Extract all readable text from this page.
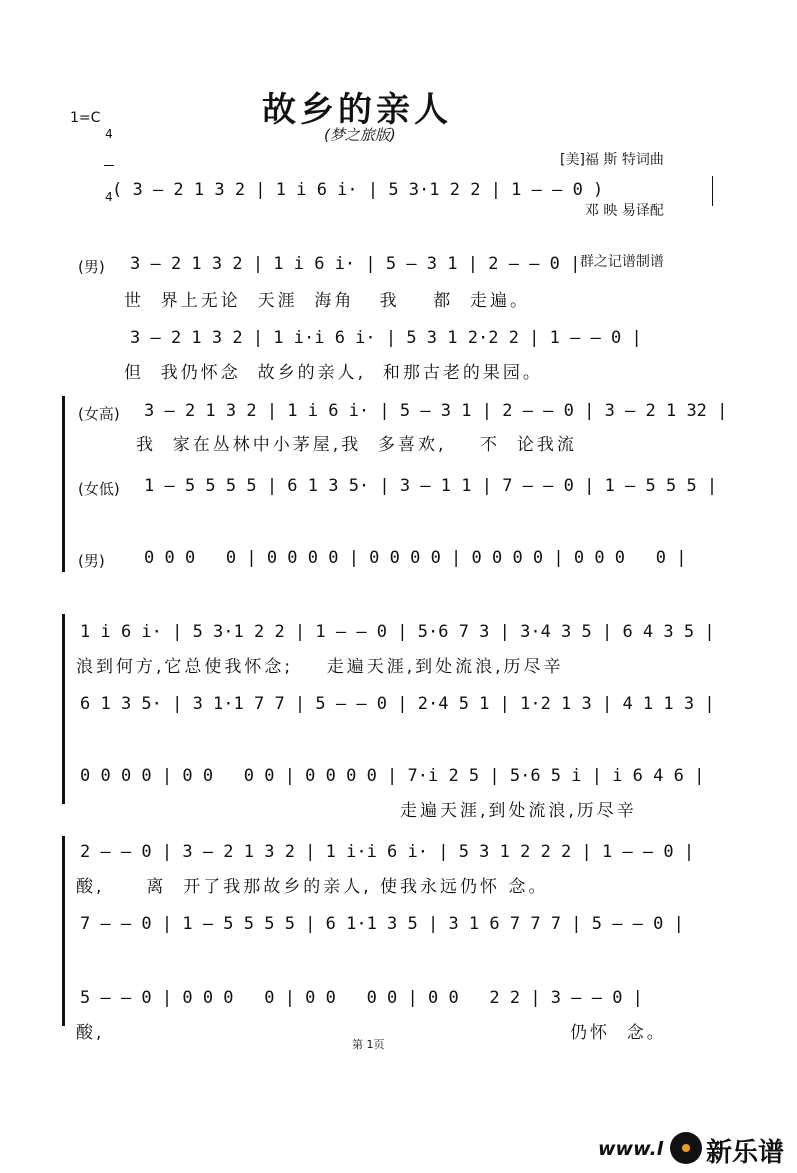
1=C

4

4

故乡的亲人
(梦之旅版)

[美]福 斯 特词曲

邓 映 易译配

群之记谱制谱

( 3 – 2 1 3 2 | 1 i 6 i· | 5 3·1 2 2 | 1 – – 0 )
(男) 3 – 2 1 3 2 | 1 i 6 i· | 5 – 3 1 | 2 – – 0 |
世  界上无论  天涯  海角   我    都  走遍。
3 – 2 1 3 2 | 1 i·i 6 i· | 5 3 1 2·2 2 | 1 – – 0 |
但  我仍怀念  故乡的亲人,  和那古老的果园。
(女高) 3 – 2 1 3 2 | 1 i 6 i· | 5 – 3 1 | 2 – – 0 | 3 – 2 1 32 |
我  家在丛林中小茅屋,我  多喜欢,    不  论我流
(女低) 1 – 5 5 5 5 | 6 1 3 5· | 3 – 1 1 | 7 – – 0 | 1 – 5 5 5 |
(男) 0 0 0   0 | 0 0 0 0 | 0 0 0 0 | 0 0 0 0 | 0 0 0   0 |
1 i 6 i· | 5 3·1 2 2 | 1 – – 0 | 5·6 7 3 | 3·4 3 5 | 6 4 3 5 |
浪到何方,它总使我怀念;    走遍天涯,到处流浪,历尽辛
6 1 3 5· | 3 1·1 7 7 | 5 – – 0 | 2·4 5 1 | 1·2 1 3 | 4 1 1 3 |
0 0 0 0 | 0 0   0 0 | 0 0 0 0 | 7·i 2 5 | 5·6 5 i | i 6 4 6 |
走遍天涯,到处流浪,历尽辛
2 – – 0 | 3 – 2 1 3 2 | 1 i·i 6 i· | 5 3 1 2 2 2 | 1 – – 0 |
酸,     离  开了我那故乡的亲人, 使我永远仍怀 念。
7 – – 0 | 1 – 5 5 5 5 | 6 1·1 3 5 | 3 1 6 7 7 7 | 5 – – 0 |
5 – – 0 | 0 0 0   0 | 0 0   0 0 | 0 0   2 2 | 3 – – 0 |
酸,	仍怀  念。
第 1页
www.l 新乐谱
